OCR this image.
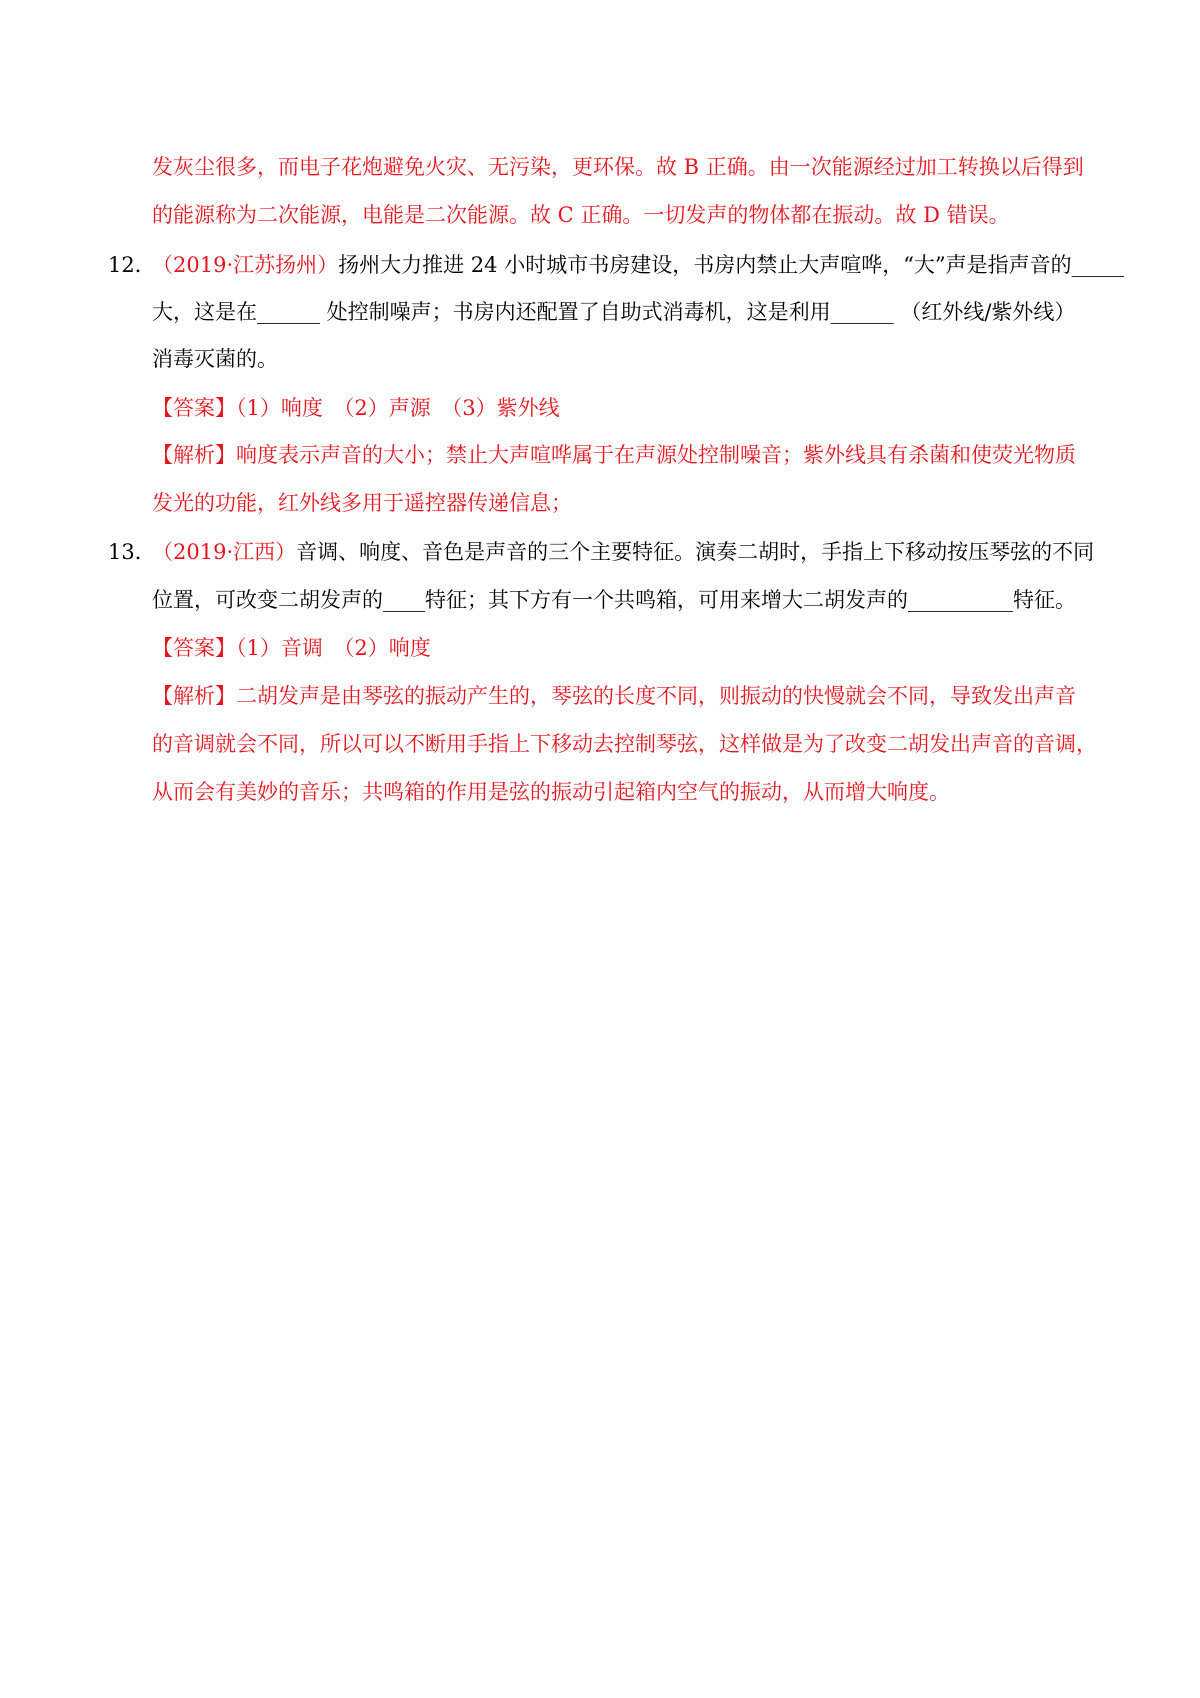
发灰尘很多，而电子花炮避免火灾、无污染，更环保。故 B 正确。由一次能源经过加工转换以后得到
的能源称为二次能源，电能是二次能源。故 C 正确。一切发声的物体都在振动。故 D 错误。
12．
（2019·江苏扬州）扬州大力推进 24 小时城市书房建设，书房内禁止大声喧哗，“大”声是指声音的_____
大，这是在______ 处控制噪声；书房内还配置了自助式消毒机，这是利用______ （红外线/紫外线）
消毒灭菌的。
【答案】（1）响度　（2）声源　（3）紫外线
【解析】响度表示声音的大小；禁止大声喧哗属于在声源处控制噪音；紫外线具有杀菌和使荧光物质
发光的功能，红外线多用于遥控器传递信息；
13．
（2019·江西）音调、响度、音色是声音的三个主要特征。演奏二胡时，手指上下移动按压琴弦的不同
位置，可改变二胡发声的____特征；其下方有一个共鸣箱，可用来增大二胡发声的__________特征。
【答案】（1）音调　（2）响度
【解析】二胡发声是由琴弦的振动产生的，琴弦的长度不同，则振动的快慢就会不同，导致发出声音
的音调就会不同，所以可以不断用手指上下移动去控制琴弦，这样做是为了改变二胡发出声音的音调，
从而会有美妙的音乐；共鸣箱的作用是弦的振动引起箱内空气的振动，从而增大响度。
